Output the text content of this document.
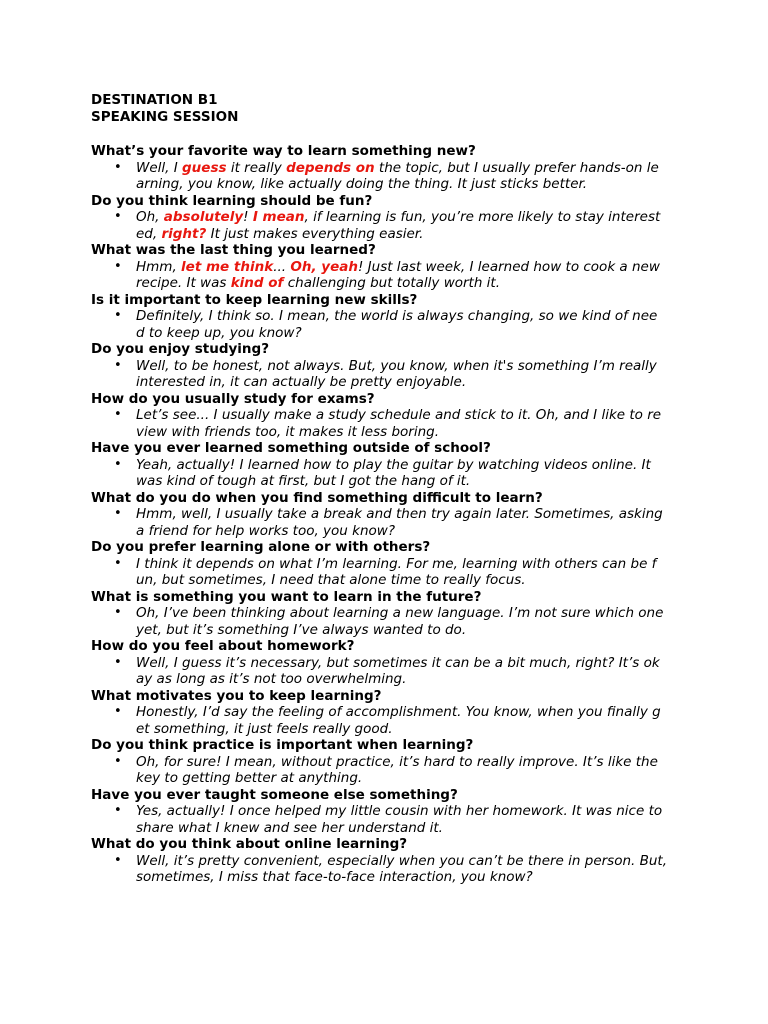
DESTINATION B1

SPEAKING SESSION

What’s your favorite way to learn something new?

• Well, I guess it really depends on the topic, but I usually prefer hands-on le
arning, you know, like actually doing the thing. It just sticks better.

Do you think learning should be fun?

• Oh, absolutely! I mean, if learning is fun, you’re more likely to stay interest
ed, right? It just makes everything easier.

What was the last thing you learned?

• Hmm, let me think... Oh, yeah! Just last week, I learned how to cook a new
recipe. It was kind of challenging but totally worth it.

Is it important to keep learning new skills?

• Definitely, I think so. I mean, the world is always changing, so we kind of nee
d to keep up, you know?

Do you enjoy studying?

• Well, to be honest, not always. But, you know, when it's something I’m really
interested in, it can actually be pretty enjoyable.

How do you usually study for exams?

• Let’s see... I usually make a study schedule and stick to it. Oh, and I like to re
view with friends too, it makes it less boring.

Have you ever learned something outside of school?

• Yeah, actually! I learned how to play the guitar by watching videos online. It
was kind of tough at first, but I got the hang of it.

What do you do when you find something difficult to learn?

• Hmm, well, I usually take a break and then try again later. Sometimes, asking
a friend for help works too, you know?

Do you prefer learning alone or with others?

• I think it depends on what I’m learning. For me, learning with others can be f
un, but sometimes, I need that alone time to really focus.

What is something you want to learn in the future?

• Oh, I’ve been thinking about learning a new language. I’m not sure which one
yet, but it’s something I’ve always wanted to do.

How do you feel about homework?

• Well, I guess it’s necessary, but sometimes it can be a bit much, right? It’s ok
ay as long as it’s not too overwhelming.

What motivates you to keep learning?

• Honestly, I’d say the feeling of accomplishment. You know, when you finally g
et something, it just feels really good.

Do you think practice is important when learning?

• Oh, for sure! I mean, without practice, it’s hard to really improve. It’s like the
key to getting better at anything.

Have you ever taught someone else something?

• Yes, actually! I once helped my little cousin with her homework. It was nice to
share what I knew and see her understand it.

What do you think about online learning?

• Well, it’s pretty convenient, especially when you can’t be there in person. But,
sometimes, I miss that face-to-face interaction, you know?
